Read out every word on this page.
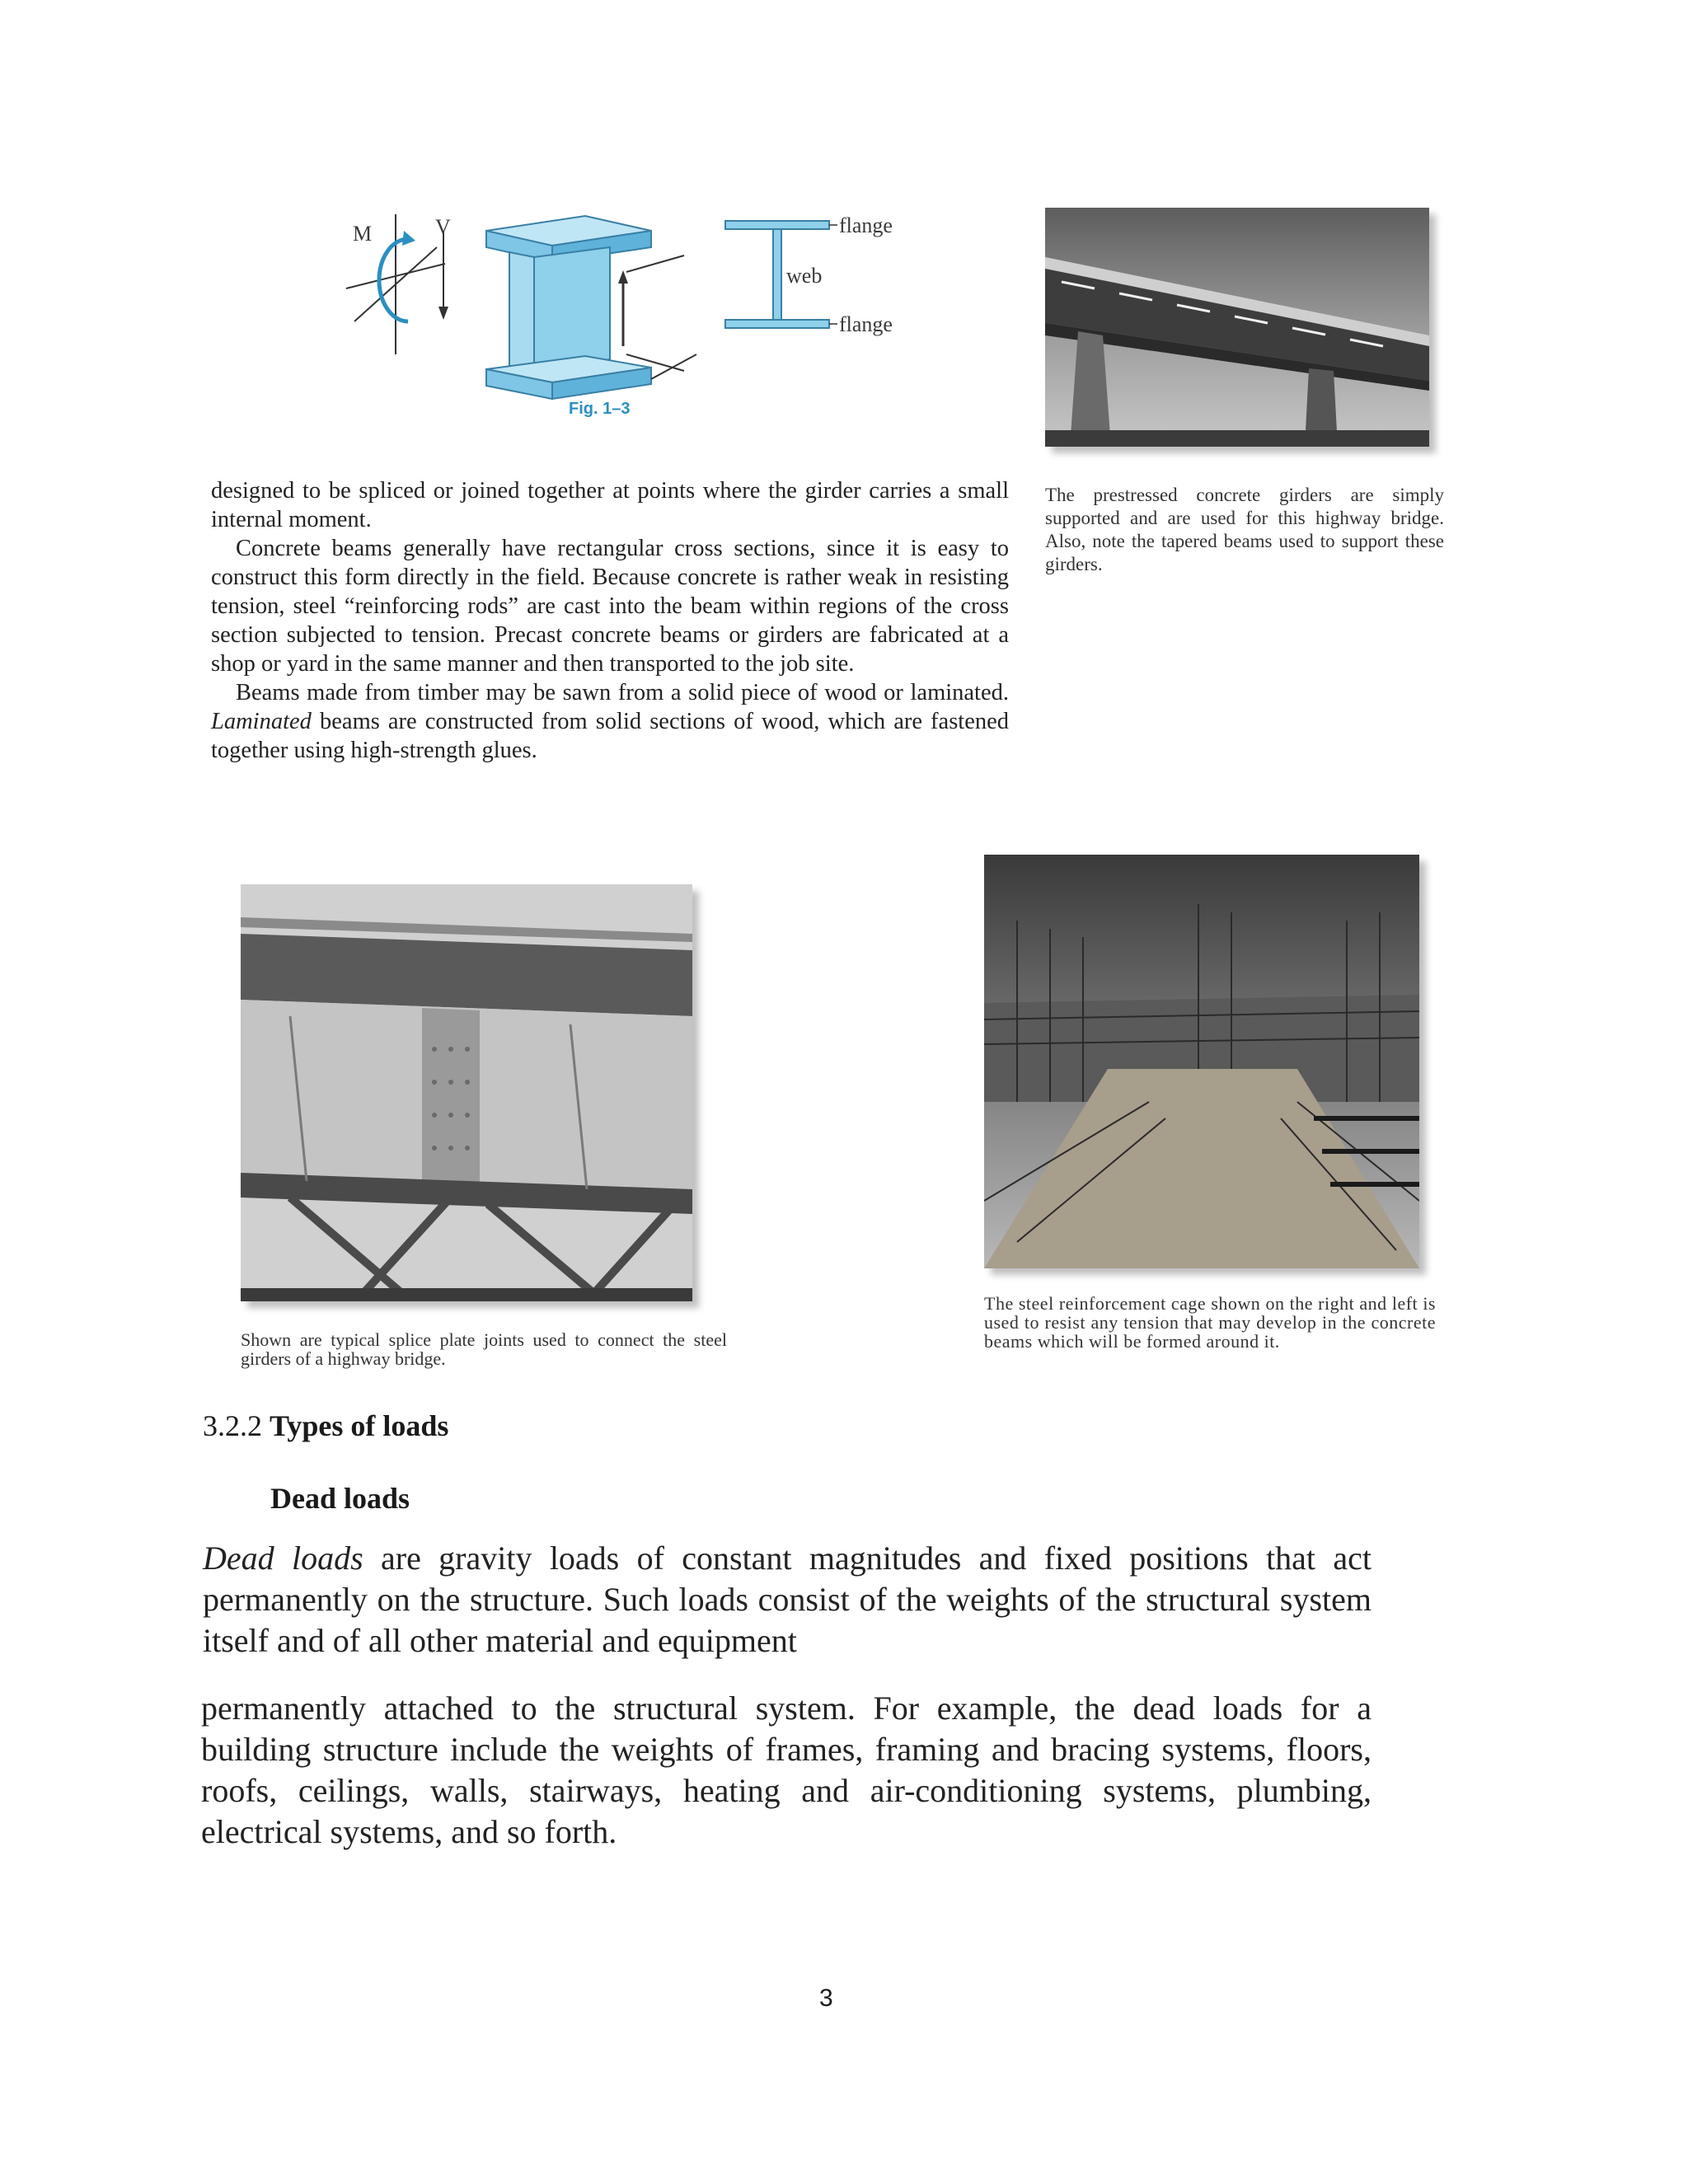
M	V	flange
web
flange
Fig. 1–3

designed to be spliced or joined together at points where the girder carries a small internal moment.

Concrete beams generally have rectangular cross sections, since it is easy to construct this form directly in the field. Because concrete is rather weak in resisting tension, steel “reinforcing rods” are cast into the beam within regions of the cross section subjected to tension. Precast concrete beams or girders are fabricated at a shop or yard in the same manner and then transported to the job site.

Beams made from timber may be sawn from a solid piece of wood or laminated. Laminated beams are constructed from solid sections of wood, which are fastened together using high-strength glues.

The prestressed concrete girders are simply supported and are used for this highway bridge. Also, note the tapered beams used to support these girders.

Shown are typical splice plate joints used to connect the steel girders of a highway bridge.

The steel reinforcement cage shown on the right and left is used to resist any tension that may develop in the concrete beams which will be formed around it.

3.2.2 Types of loads
Dead loads

Dead loads are gravity loads of constant magnitudes and fixed positions that act permanently on the structure. Such loads consist of the weights of the structural system itself and of all other material and equipment

permanently attached to the structural system. For example, the dead loads for a building structure include the weights of frames, framing and bracing systems, floors, roofs, ceilings, walls, stairways, heating and air-conditioning systems, plumbing, electrical systems, and so forth.

3
